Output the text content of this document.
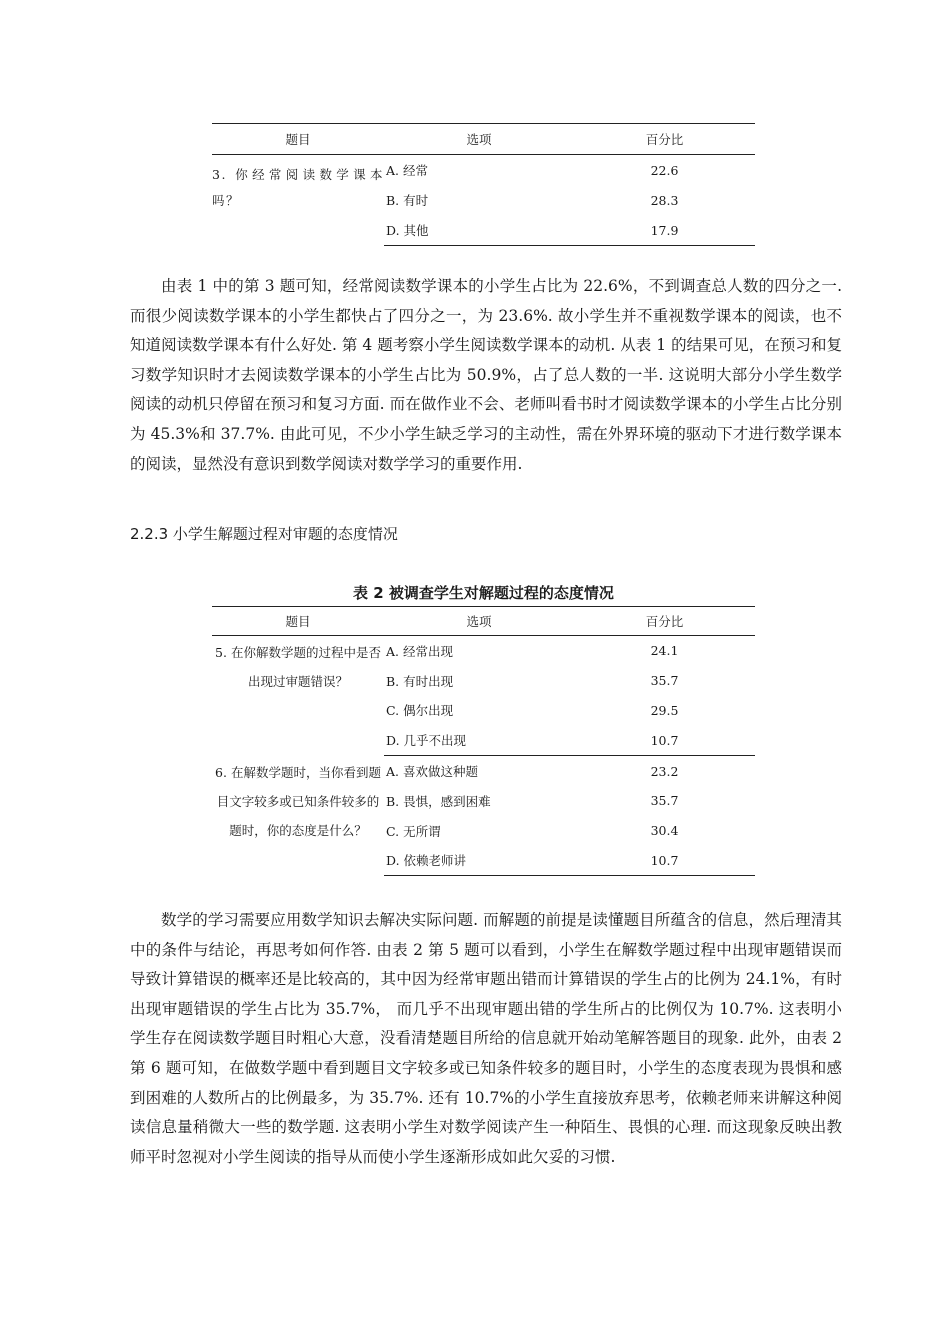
题目	选项	百分比
3. 你经常阅读数学课本吗？	A. 经常	22.6
	B. 有时	28.3
	D. 其他	17.9

由表 1 中的第 3 题可知，经常阅读数学课本的小学生占比为 22.6%，不到调查总人数的四分之一. 而很少阅读数学课本的小学生都快占了四分之一，为 23.6%. 故小学生并不重视数学课本的阅读，也不知道阅读数学课本有什么好处. 第 4 题考察小学生阅读数学课本的动机. 从表 1 的结果可见，在预习和复习数学知识时才去阅读数学课本的小学生占比为 50.9%，占了总人数的一半. 这说明大部分小学生数学阅读的动机只停留在预习和复习方面. 而在做作业不会、老师叫看书时才阅读数学课本的小学生占比分别为 45.3%和 37.7%. 由此可见，不少小学生缺乏学习的主动性，需在外界环境的驱动下才进行数学课本的阅读，显然没有意识到数学阅读对数学学习的重要作用.

2.2.3 小学生解题过程对审题的态度情况
表 2 被调查学生对解题过程的态度情况
题目	选项	百分比
5. 在你解数学题的过程中是否出现过审题错误？	A. 经常出现	24.1
	B. 有时出现	35.7
	C. 偶尔出现	29.5
	D. 几乎不出现	10.7
6. 在解数学题时，当你看到题目文字较多或已知条件较多的题时，你的态度是什么？	A. 喜欢做这种题	23.2
	B. 畏惧，感到困难	35.7
	C. 无所谓	30.4
	D. 依赖老师讲	10.7

数学的学习需要应用数学知识去解决实际问题. 而解题的前提是读懂题目所蕴含的信息，然后理清其中的条件与结论，再思考如何作答. 由表 2 第 5 题可以看到，小学生在解数学题过程中出现审题错误而导致计算错误的概率还是比较高的，其中因为经常审题出错而计算错误的学生占的比例为 24.1%，有时出现审题错误的学生占比为 35.7%， 而几乎不出现审题出错的学生所占的比例仅为 10.7%. 这表明小学生存在阅读数学题目时粗心大意，没看清楚题目所给的信息就开始动笔解答题目的现象. 此外，由表 2 第 6 题可知，在做数学题中看到题目文字较多或已知条件较多的题目时，小学生的态度表现为畏惧和感到困难的人数所占的比例最多，为 35.7%. 还有 10.7%的小学生直接放弃思考，依赖老师来讲解这种阅读信息量稍微大一些的数学题. 这表明小学生对数学阅读产生一种陌生、畏惧的心理. 而这现象反映出教师平时忽视对小学生阅读的指导从而使小学生逐渐形成如此欠妥的习惯.
